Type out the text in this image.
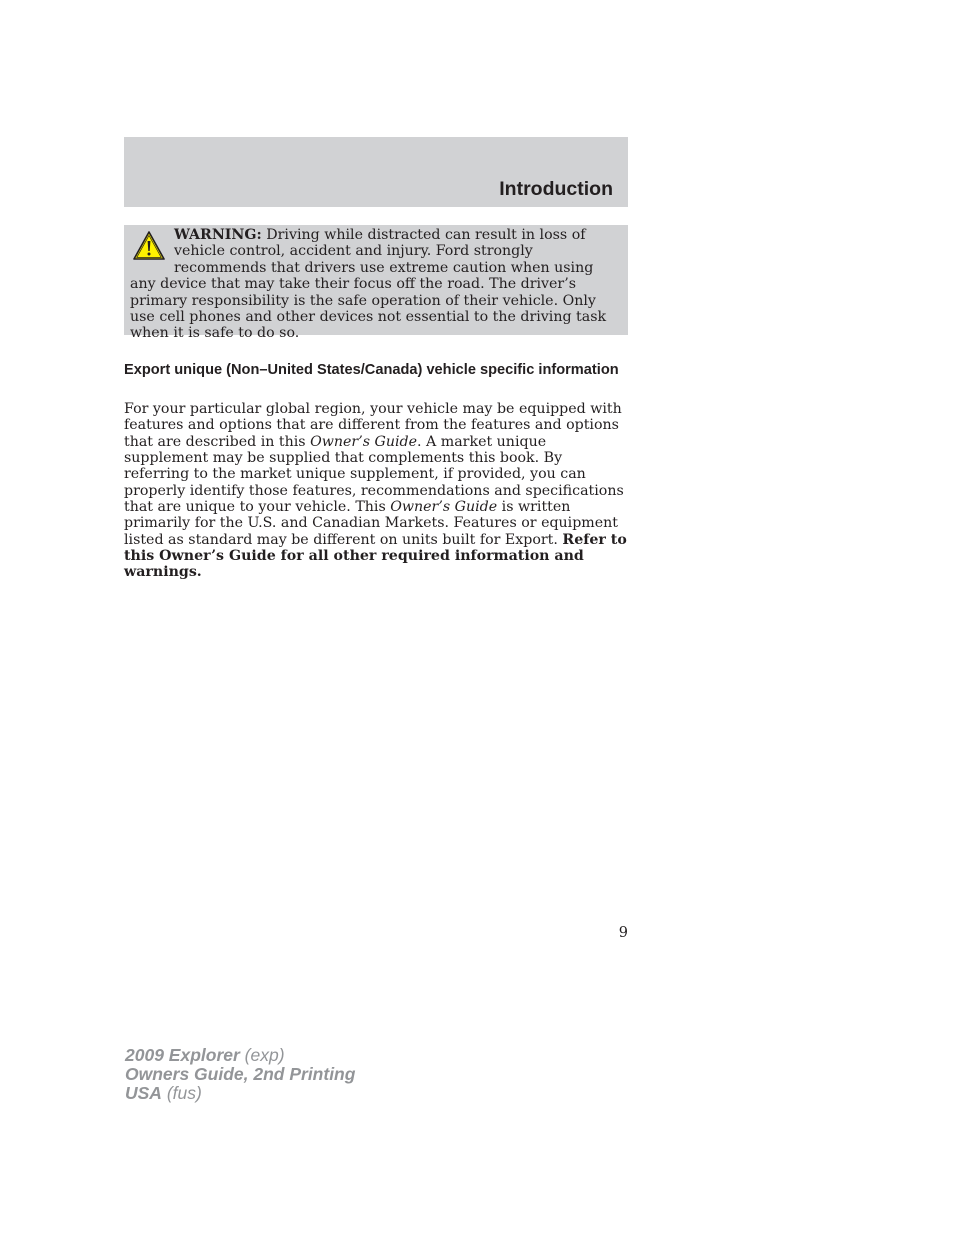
Introduction

WARNING: Driving while distracted can result in loss of vehicle control, accident and injury. Ford strongly recommends that drivers use extreme caution when using any device that may take their focus off the road. The driver’s primary responsibility is the safe operation of their vehicle. Only use cell phones and other devices not essential to the driving task when it is safe to do so.

Export unique (Non–United States/Canada) vehicle specific information

For your particular global region, your vehicle may be equipped with features and options that are different from the features and options that are described in this Owner’s Guide. A market unique supplement may be supplied that complements this book. By referring to the market unique supplement, if provided, you can properly identify those features, recommendations and specifications that are unique to your vehicle. This Owner’s Guide is written primarily for the U.S. and Canadian Markets. Features or equipment listed as standard may be different on units built for Export. Refer to this Owner’s Guide for all other required information and warnings.

9

2009 Explorer (exp)
Owners Guide, 2nd Printing
USA (fus)
